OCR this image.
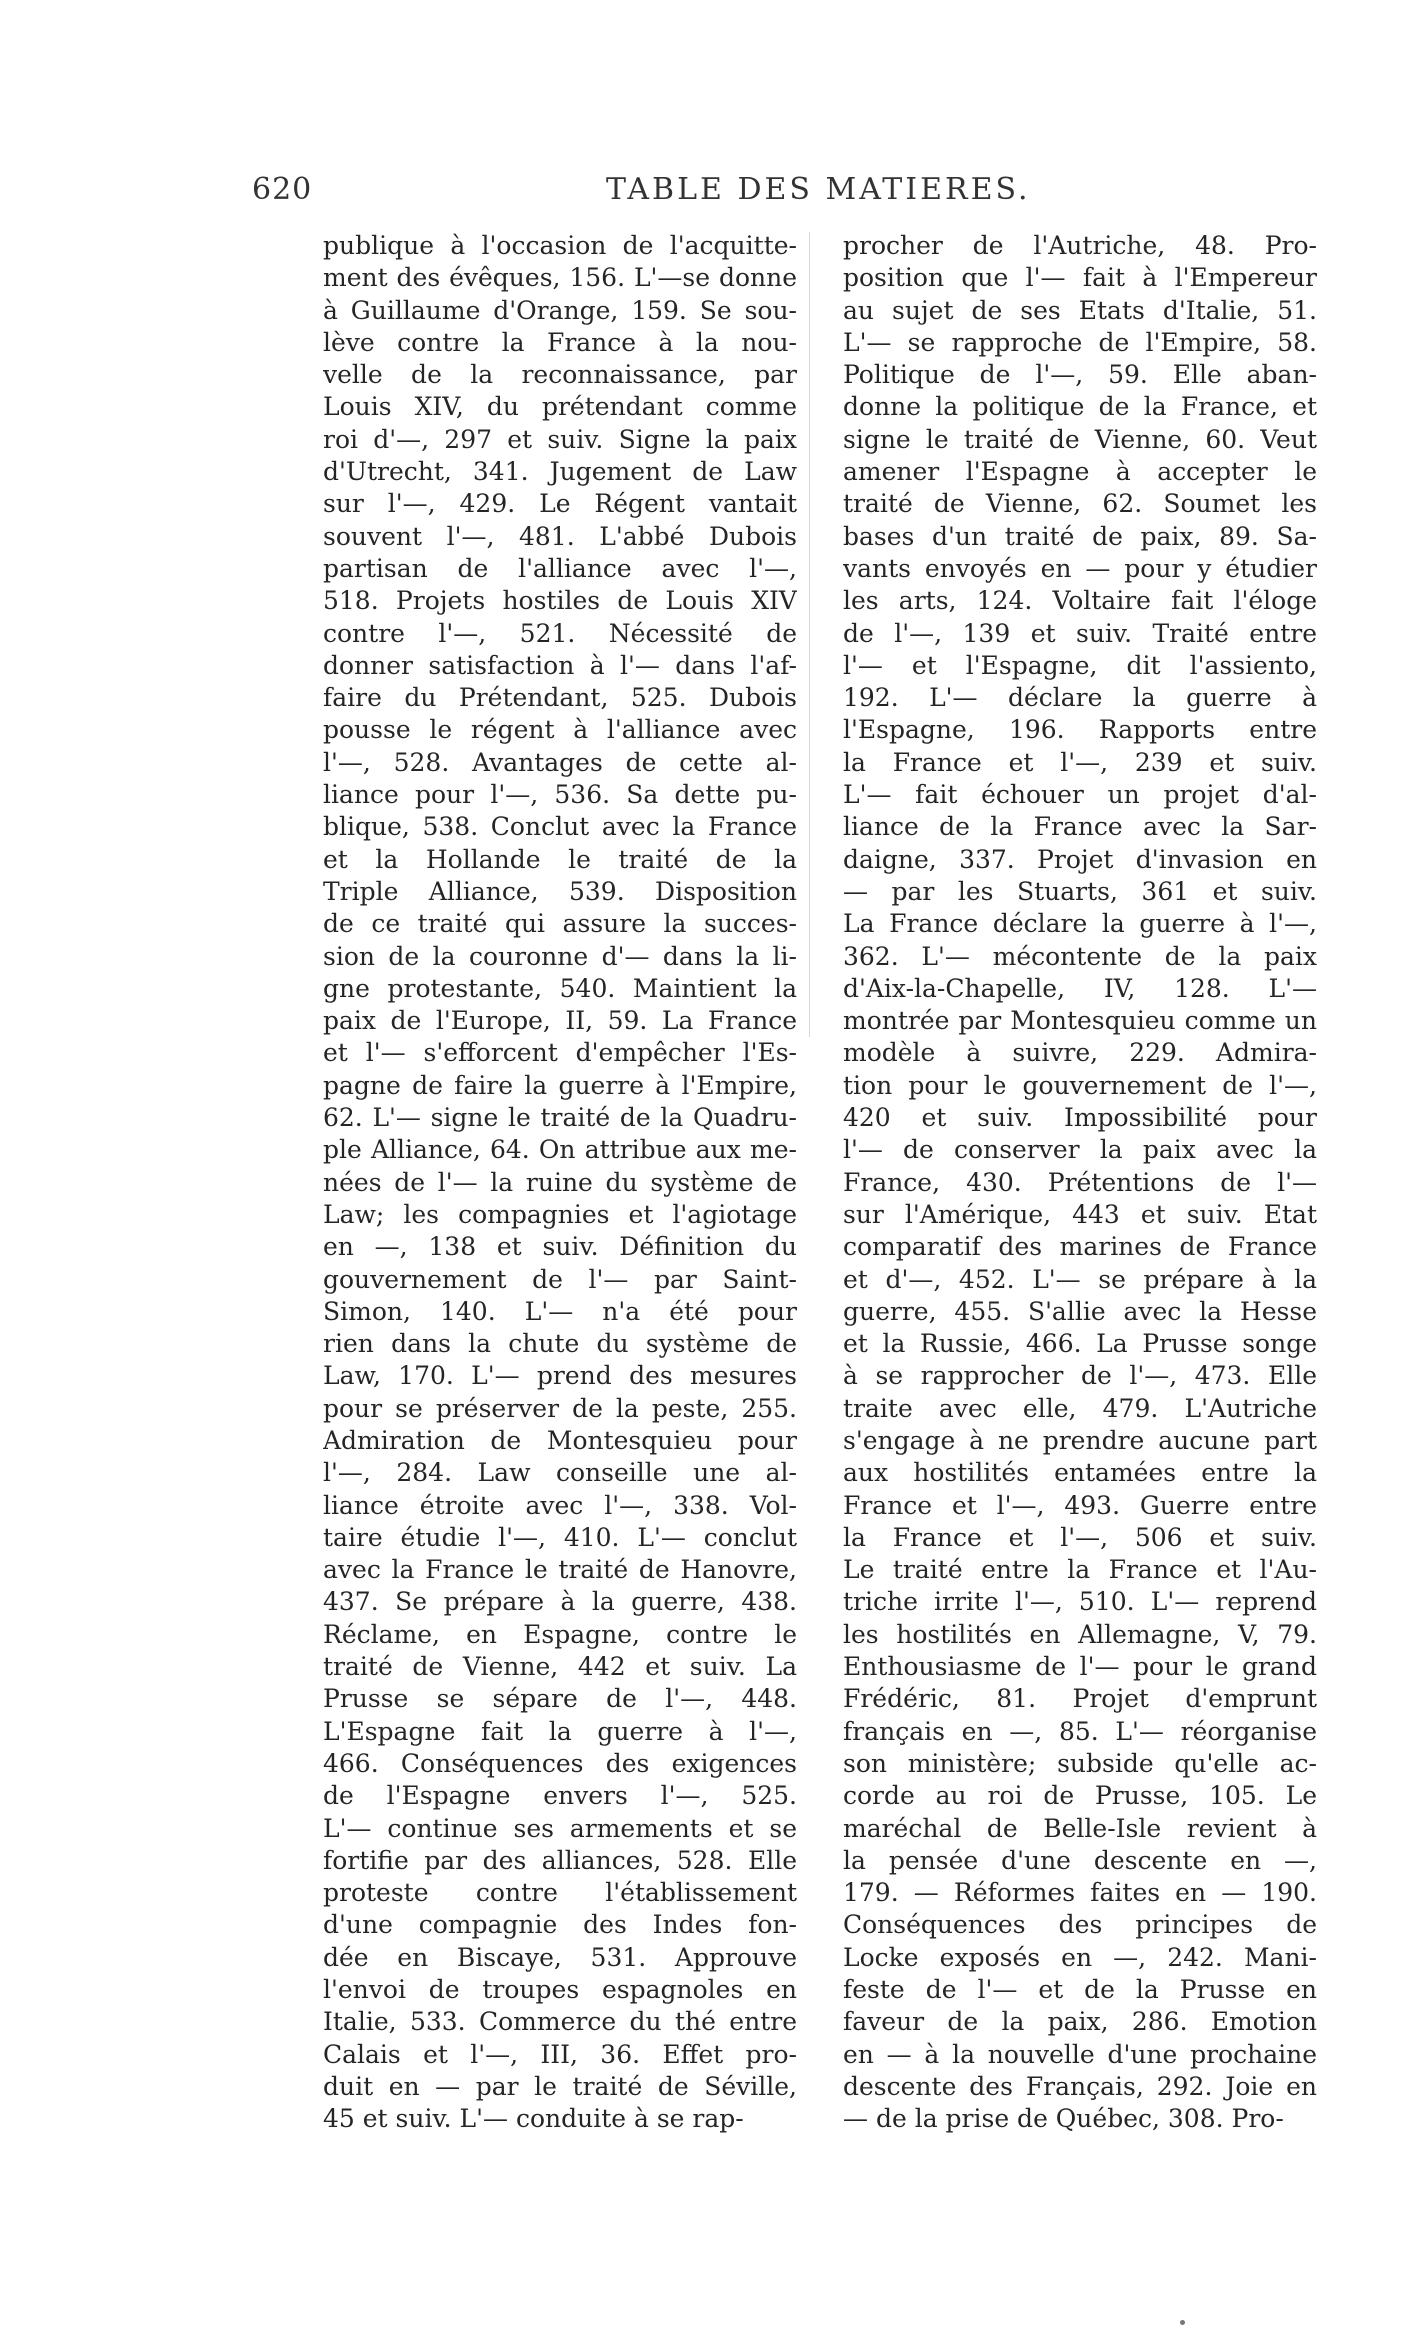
620	TABLE DES MATIERES.
publique à l'occasion de l'acquitte-
ment des évêques, 156. L'—se donne
à Guillaume d'Orange, 159. Se sou-
lève contre la France à la nou-
velle de la reconnaissance, par
Louis XIV, du prétendant comme
roi d'—, 297 et suiv. Signe la paix
d'Utrecht, 341. Jugement de Law
sur l'—, 429. Le Régent vantait
souvent l'—, 481. L'abbé Dubois
partisan de l'alliance avec l'—,
518. Projets hostiles de Louis XIV
contre l'—, 521. Nécessité de
donner satisfaction à l'— dans l'af-
faire du Prétendant, 525. Dubois
pousse le régent à l'alliance avec
l'—, 528. Avantages de cette al-
liance pour l'—, 536. Sa dette pu-
blique, 538. Conclut avec la France
et la Hollande le traité de la
Triple Alliance, 539. Disposition
de ce traité qui assure la succes-
sion de la couronne d'— dans la li-
gne protestante, 540. Maintient la
paix de l'Europe, II, 59. La France
et l'— s'efforcent d'empêcher l'Es-
pagne de faire la guerre à l'Empire,
62. L'— signe le traité de la Quadru-
ple Alliance, 64. On attribue aux me-
nées de l'— la ruine du système de
Law; les compagnies et l'agiotage
en —, 138 et suiv. Définition du
gouvernement de l'— par Saint-
Simon, 140. L'— n'a été pour
rien dans la chute du système de
Law, 170. L'— prend des mesures
pour se préserver de la peste, 255.
Admiration de Montesquieu pour
l'—, 284. Law conseille une al-
liance étroite avec l'—, 338. Vol-
taire étudie l'—, 410. L'— conclut
avec la France le traité de Hanovre,
437. Se prépare à la guerre, 438.
Réclame, en Espagne, contre le
traité de Vienne, 442 et suiv. La
Prusse se sépare de l'—, 448.
L'Espagne fait la guerre à l'—,
466. Conséquences des exigences
de l'Espagne envers l'—, 525.
L'— continue ses armements et se
fortifie par des alliances, 528. Elle
proteste contre l'établissement
d'une compagnie des Indes fon-
dée en Biscaye, 531. Approuve
l'envoi de troupes espagnoles en
Italie, 533. Commerce du thé entre
Calais et l'—, III, 36. Effet pro-
duit en — par le traité de Séville,
45 et suiv. L'— conduite à se rap-
procher de l'Autriche, 48. Pro-
position que l'— fait à l'Empereur
au sujet de ses Etats d'Italie, 51.
L'— se rapproche de l'Empire, 58.
Politique de l'—, 59. Elle aban-
donne la politique de la France, et
signe le traité de Vienne, 60. Veut
amener l'Espagne à accepter le
traité de Vienne, 62. Soumet les
bases d'un traité de paix, 89. Sa-
vants envoyés en — pour y étudier
les arts, 124. Voltaire fait l'éloge
de l'—, 139 et suiv. Traité entre
l'— et l'Espagne, dit l'assiento,
192. L'— déclare la guerre à
l'Espagne, 196. Rapports entre
la France et l'—, 239 et suiv.
L'— fait échouer un projet d'al-
liance de la France avec la Sar-
daigne, 337. Projet d'invasion en
— par les Stuarts, 361 et suiv.
La France déclare la guerre à l'—,
362. L'— mécontente de la paix
d'Aix-la-Chapelle, IV, 128. L'—
montrée par Montesquieu comme un
modèle à suivre, 229. Admira-
tion pour le gouvernement de l'—,
420 et suiv. Impossibilité pour
l'— de conserver la paix avec la
France, 430. Prétentions de l'—
sur l'Amérique, 443 et suiv. Etat
comparatif des marines de France
et d'—, 452. L'— se prépare à la
guerre, 455. S'allie avec la Hesse
et la Russie, 466. La Prusse songe
à se rapprocher de l'—, 473. Elle
traite avec elle, 479. L'Autriche
s'engage à ne prendre aucune part
aux hostilités entamées entre la
France et l'—, 493. Guerre entre
la France et l'—, 506 et suiv.
Le traité entre la France et l'Au-
triche irrite l'—, 510. L'— reprend
les hostilités en Allemagne, V, 79.
Enthousiasme de l'— pour le grand
Frédéric, 81. Projet d'emprunt
français en —, 85. L'— réorganise
son ministère; subside qu'elle ac-
corde au roi de Prusse, 105. Le
maréchal de Belle-Isle revient à
la pensée d'une descente en —,
179. — Réformes faites en — 190.
Conséquences des principes de
Locke exposés en —, 242. Mani-
feste de l'— et de la Prusse en
faveur de la paix, 286. Emotion
en — à la nouvelle d'une prochaine
descente des Français, 292. Joie en
— de la prise de Québec, 308. Pro-
